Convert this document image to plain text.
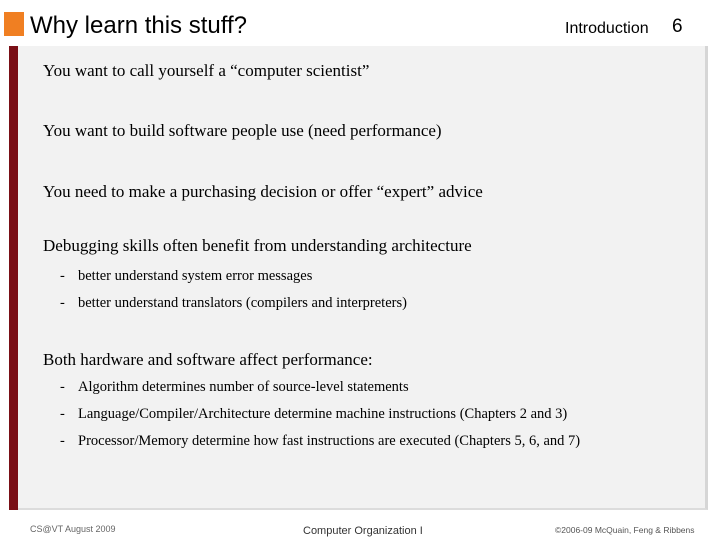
Why learn this stuff?	Introduction 6
You want to call yourself a “computer scientist”
You want to build software people use (need performance)
You need to make a purchasing decision or offer “expert” advice
Debugging skills often benefit from understanding architecture
- better understand system error messages
- better understand translators (compilers and interpreters)
Both hardware and software affect performance:
- Algorithm determines number of source-level statements
- Language/Compiler/Architecture determine machine instructions (Chapters 2 and 3)
- Processor/Memory determine how fast instructions are executed (Chapters 5, 6, and 7)
CS@VT August 2009	Computer Organization I	©2006-09 McQuain, Feng & Ribbens
